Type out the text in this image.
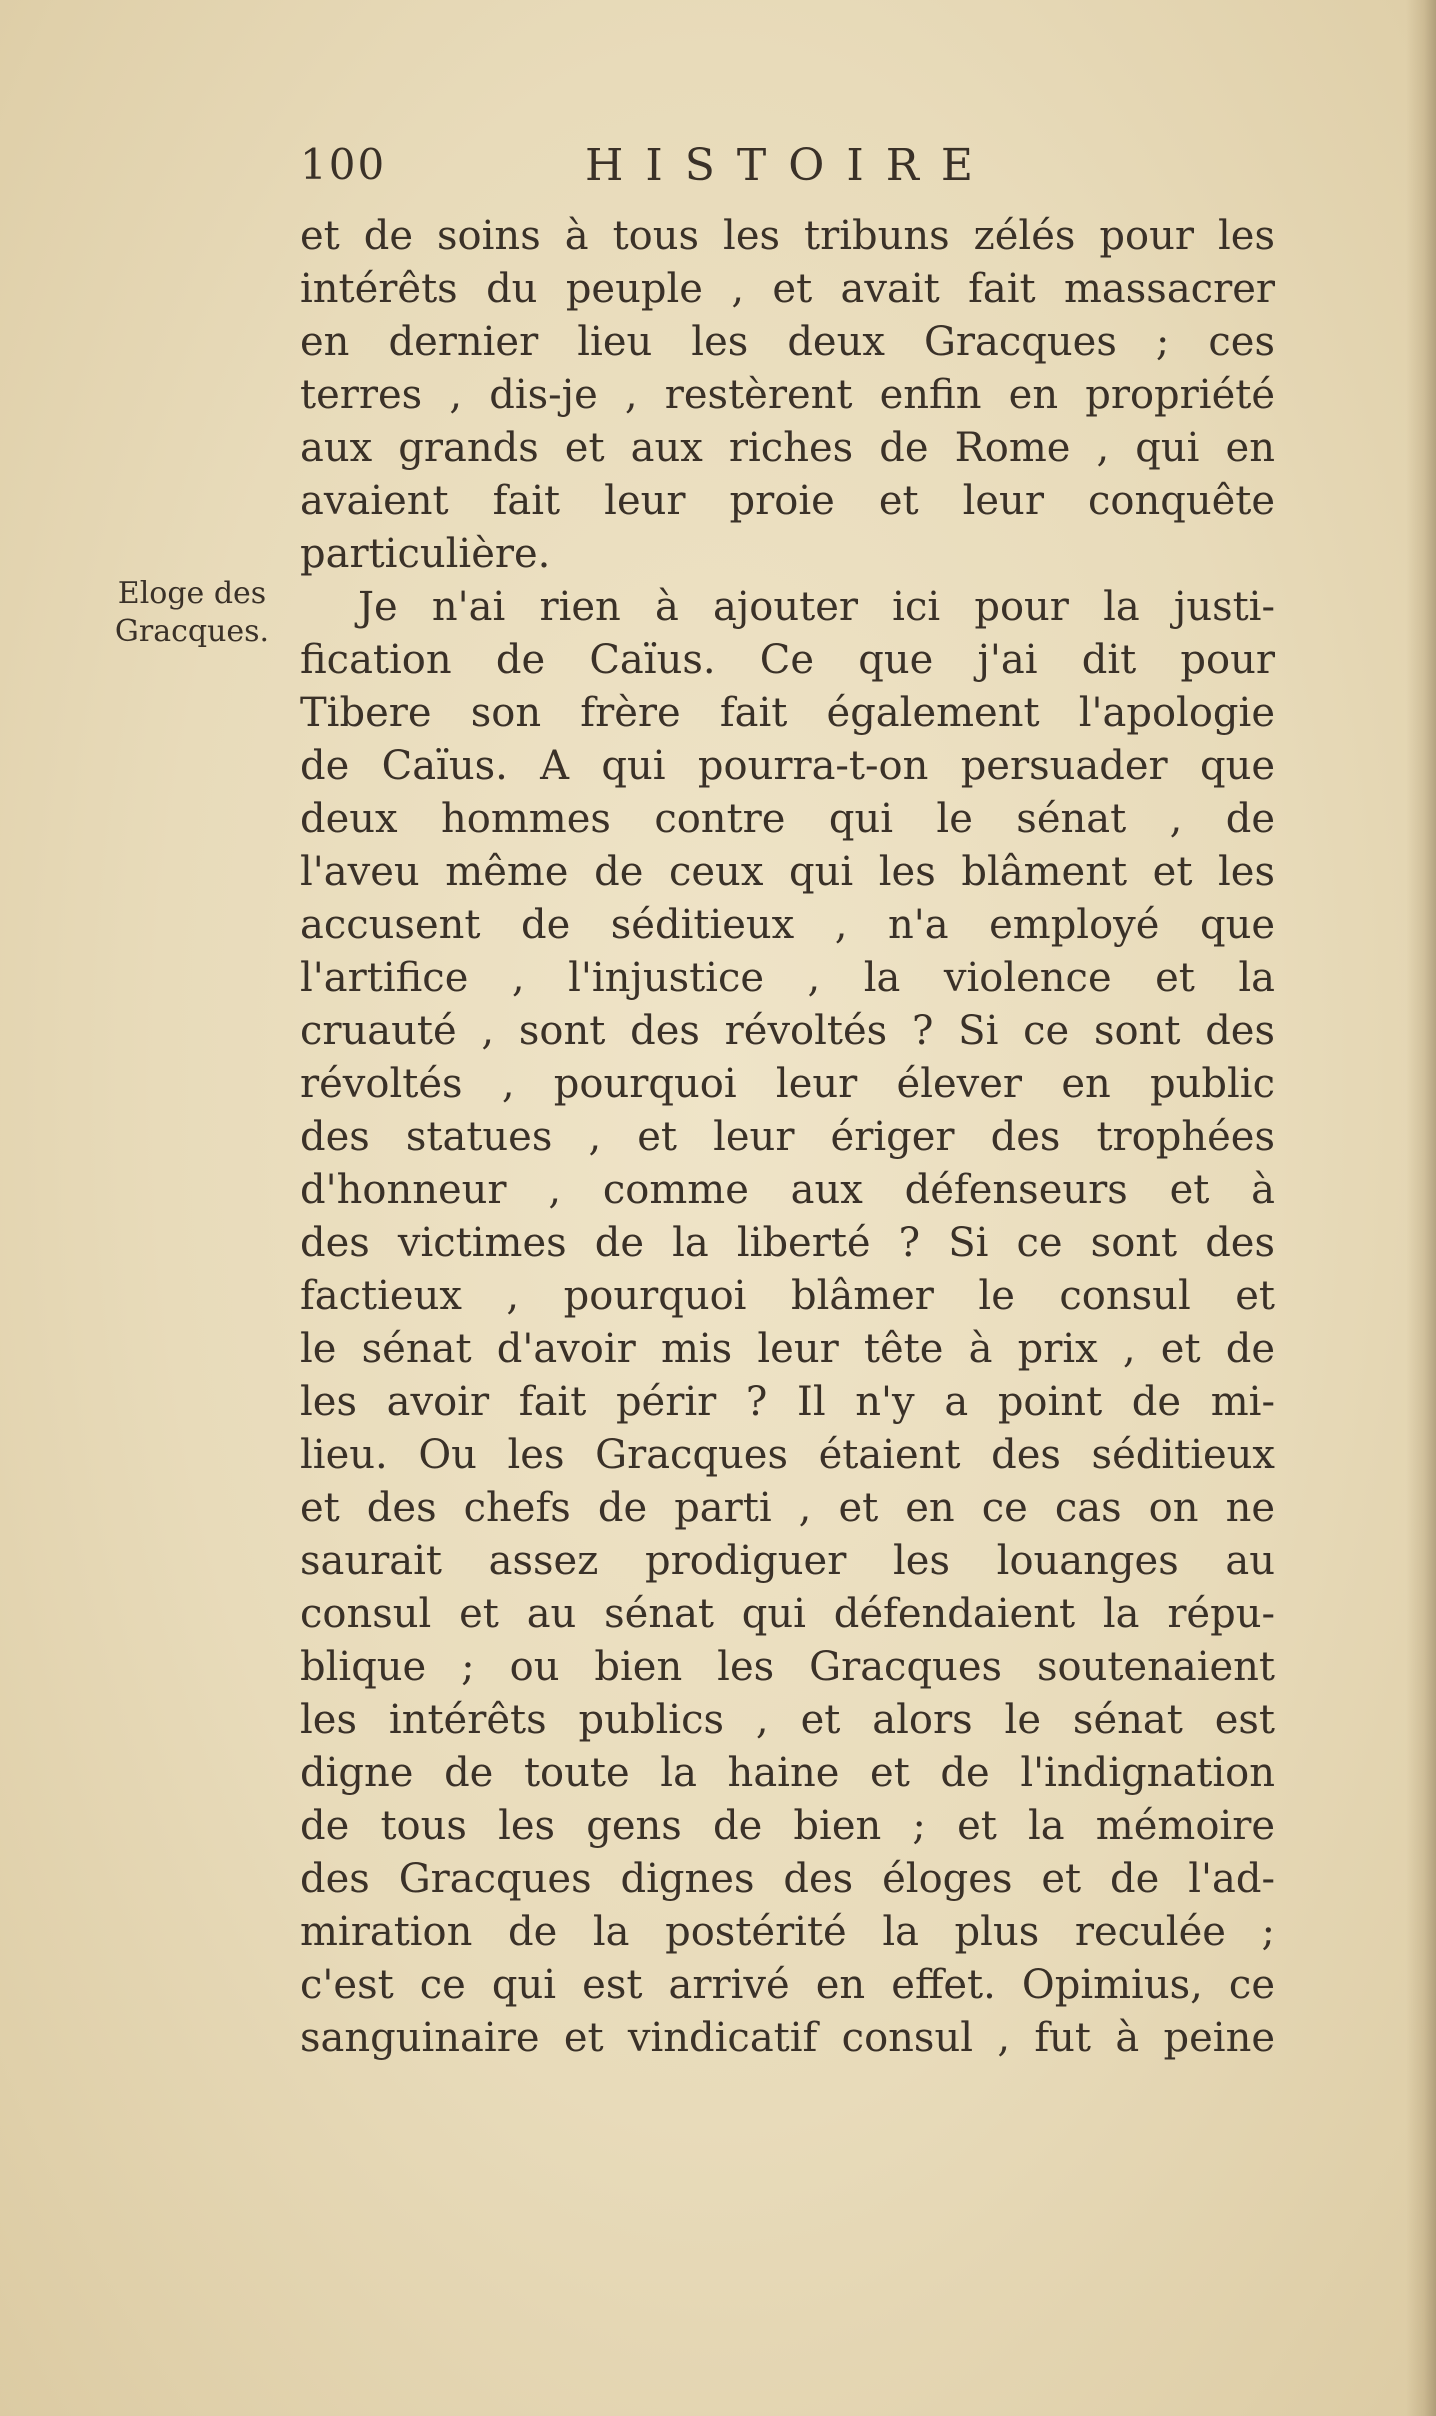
100	HISTOIRE
Eloge des
Gracques.
et de soins à tous les tribuns zélés pour les
intérêts du peuple , et avait fait massacrer
en dernier lieu les deux Gracques ; ces
terres , dis-je , restèrent enfin en propriété
aux grands et aux riches de Rome , qui en
avaient fait leur proie et leur conquête
particulière.
Je n'ai rien à ajouter ici pour la justi-
fication de Caïus. Ce que j'ai dit pour
Tibere son frère fait également l'apologie
de Caïus. A qui pourra-t-on persuader que
deux hommes contre qui le sénat , de
l'aveu même de ceux qui les blâment et les
accusent de séditieux , n'a employé que
l'artifice , l'injustice , la violence et la
cruauté , sont des révoltés ? Si ce sont des
révoltés , pourquoi leur élever en public
des statues , et leur ériger des trophées
d'honneur , comme aux défenseurs et à
des victimes de la liberté ? Si ce sont des
factieux , pourquoi blâmer le consul et
le sénat d'avoir mis leur tête à prix , et de
les avoir fait périr ? Il n'y a point de mi-
lieu. Ou les Gracques étaient des séditieux
et des chefs de parti , et en ce cas on ne
saurait assez prodiguer les louanges au
consul et au sénat qui défendaient la répu-
blique ; ou bien les Gracques soutenaient
les intérêts publics , et alors le sénat est
digne de toute la haine et de l'indignation
de tous les gens de bien ; et la mémoire
des Gracques dignes des éloges et de l'ad-
miration de la postérité la plus reculée ;
c'est ce qui est arrivé en effet. Opimius, ce
sanguinaire et vindicatif consul , fut à peine
